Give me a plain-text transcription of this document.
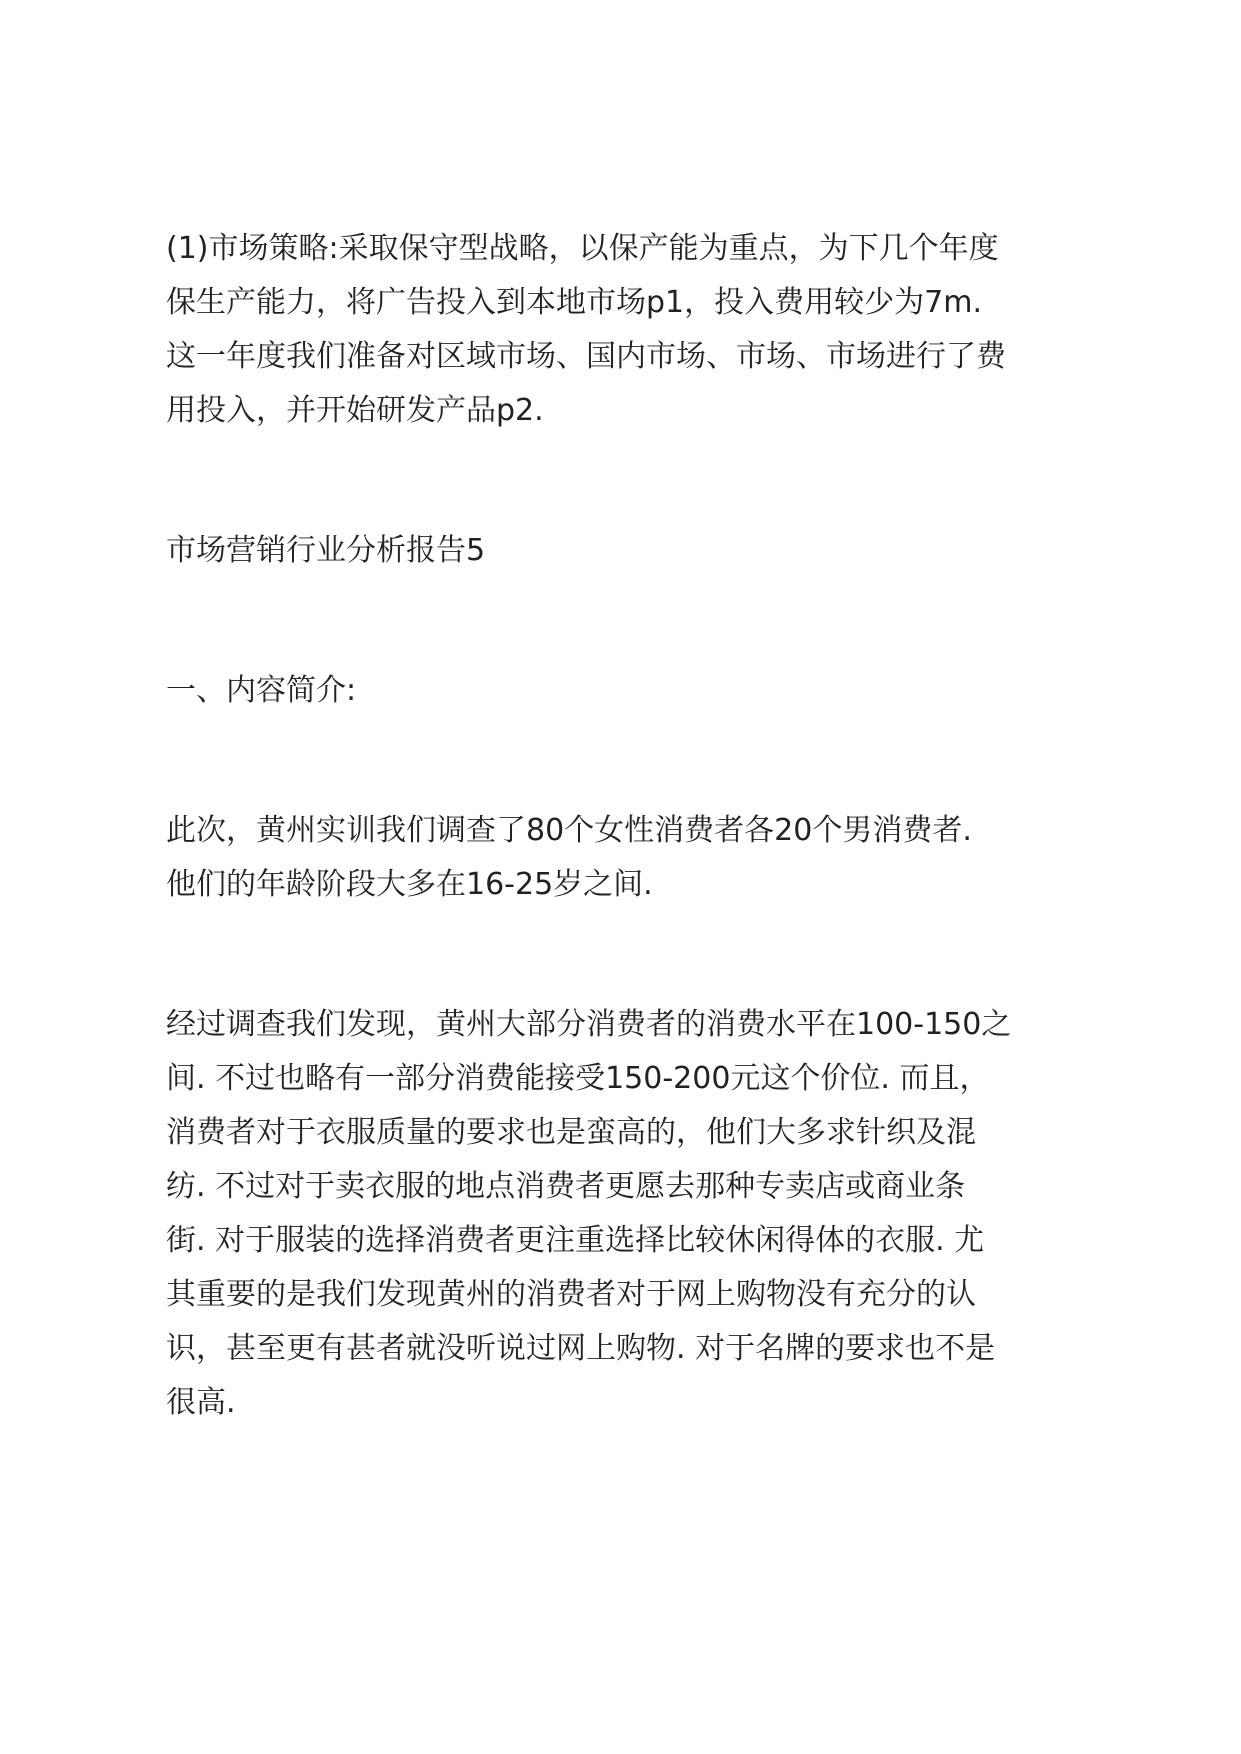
(1)市场策略:采取保守型战略，以保产能为重点，为下几个年度
保生产能力，将广告投入到本地市场p1，投入费用较少为7m.
这一年度我们准备对区域市场、国内市场、市场、市场进行了费
用投入，并开始研发产品p2.
市场营销行业分析报告5
一、内容简介:
此次，黄州实训我们调查了80个女性消费者各20个男消费者.
他们的年龄阶段大多在16-25岁之间.
经过调查我们发现，黄州大部分消费者的消费水平在100-150之
间. 不过也略有一部分消费能接受150-200元这个价位. 而且，
消费者对于衣服质量的要求也是蛮高的，他们大多求针织及混
纺. 不过对于卖衣服的地点消费者更愿去那种专卖店或商业条
街. 对于服装的选择消费者更注重选择比较休闲得体的衣服. 尤
其重要的是我们发现黄州的消费者对于网上购物没有充分的认
识，甚至更有甚者就没听说过网上购物. 对于名牌的要求也不是
很高.
